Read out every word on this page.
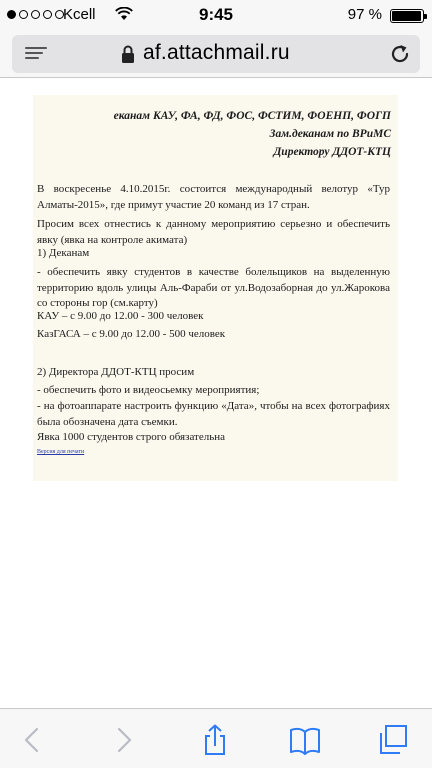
Kcell	9:45	97 %
af.attachmail.ru
еканам КАУ, ФА, ФД, ФОС, ФСТИМ, ФОЕНП, ФОГП
Зам.деканам по ВРиМС
Директору ДДОТ-КТЦ
В воскресенье 4.10.2015г. состоится международный велотур «Тур Алматы-2015», где примут участие 20 команд из 17 стран.
Просим всех отнестись к данному мероприятию серьезно и обеспечить явку (явка на контроле акимата)
1) Деканам
- обеспечить явку студентов в качестве болельщиков на выделенную территорию вдоль улицы Аль-Фараби от ул.Водозаборная до ул.Жарокова со стороны гор (см.карту)
КАУ – с 9.00 до 12.00 - 300 человек
КазГАСА – с 9.00 до 12.00 - 500 человек
2) Директора ДДОТ-КТЦ просим
- обеспечить фото и видеосьемку мероприятия;
- на фотоаппарате настроить функцию «Дата», чтобы на всех фотографиях была обозначена дата съемки.
Явка 1000 студентов строго обязательна
Версия для печати
